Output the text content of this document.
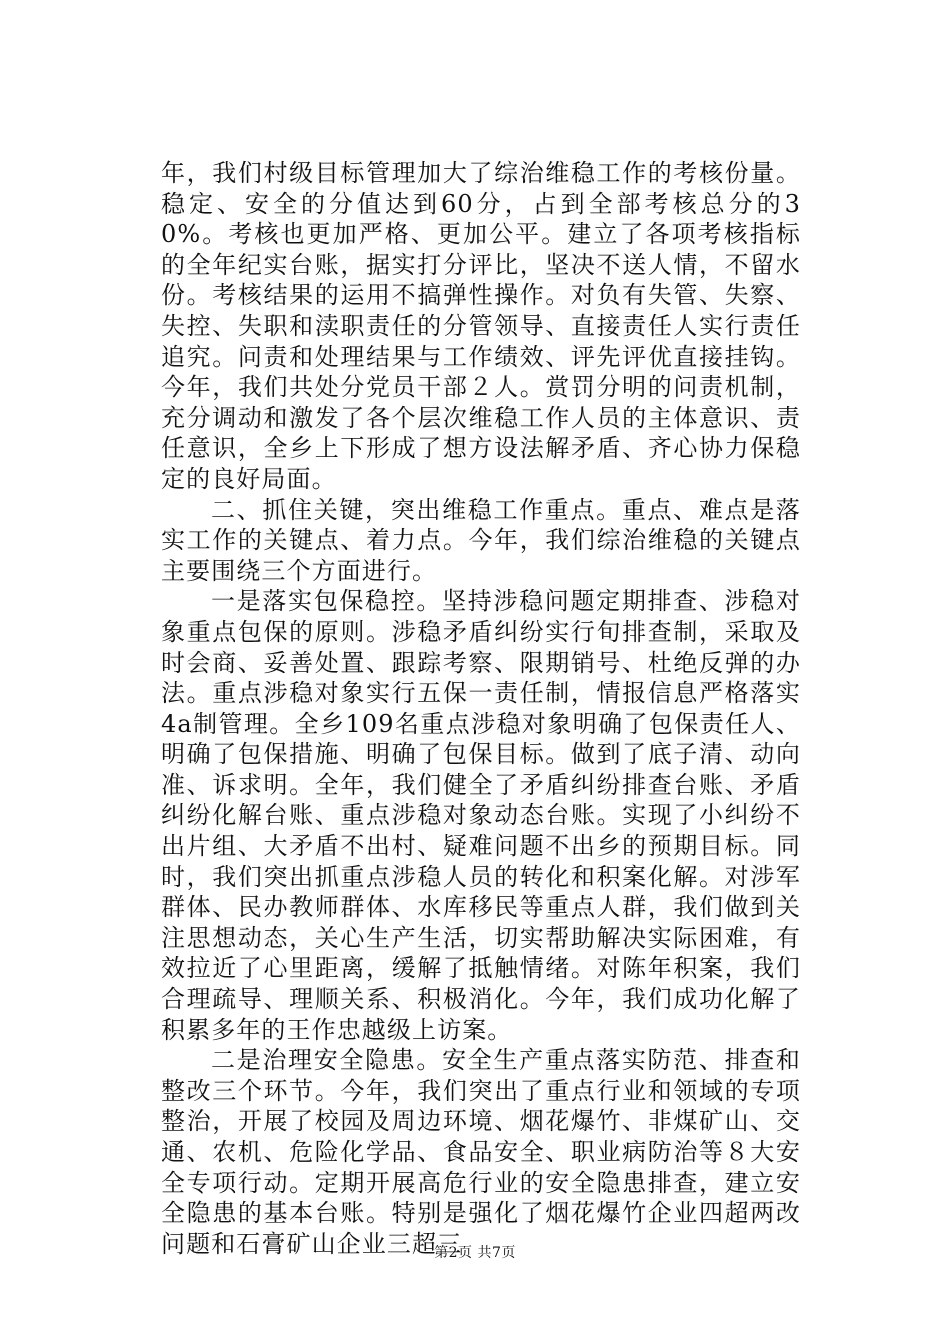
年，我们村级目标管理加大了综治维稳工作的考核份量。稳定、安全的分值达到60分，占到全部考核总分的30%。考核也更加严格、更加公平。建立了各项考核指标的全年纪实台账，据实打分评比，坚决不送人情，不留水份。考核结果的运用不搞弹性操作。对负有失管、失察、失控、失职和渎职责任的分管领导、直接责任人实行责任追究。问责和处理结果与工作绩效、评先评优直接挂钩。今年，我们共处分党员干部２人。赏罚分明的问责机制，充分调动和激发了各个层次维稳工作人员的主体意识、责任意识，全乡上下形成了想方设法解矛盾、齐心协力保稳定的良好局面。

二、抓住关键，突出维稳工作重点。重点、难点是落实工作的关键点、着力点。今年，我们综治维稳的关键点主要围绕三个方面进行。

一是落实包保稳控。坚持涉稳问题定期排查、涉稳对象重点包保的原则。涉稳矛盾纠纷实行旬排查制，采取及时会商、妥善处置、跟踪考察、限期销号、杜绝反弹的办法。重点涉稳对象实行五保一责任制，情报信息严格落实4a制管理。全乡109名重点涉稳对象明确了包保责任人、明确了包保措施、明确了包保目标。做到了底子清、动向准、诉求明。全年，我们健全了矛盾纠纷排查台账、矛盾纠纷化解台账、重点涉稳对象动态台账。实现了小纠纷不出片组、大矛盾不出村、疑难问题不出乡的预期目标。同时，我们突出抓重点涉稳人员的转化和积案化解。对涉军群体、民办教师群体、水库移民等重点人群，我们做到关注思想动态，关心生产生活，切实帮助解决实际困难，有效拉近了心里距离，缓解了抵触情绪。对陈年积案，我们合理疏导、理顺关系、积极消化。今年，我们成功化解了积累多年的王作忠越级上访案。

二是治理安全隐患。安全生产重点落实防范、排查和整改三个环节。今年，我们突出了重点行业和领域的专项整治，开展了校园及周边环境、烟花爆竹、非煤矿山、交通、农机、危险化学品、食品安全、职业病防治等８大安全专项行动。定期开展高危行业的安全隐患排查，建立安全隐患的基本台账。特别是强化了烟花爆竹企业四超两改问题和石膏矿山企业三超三

第2页 共7页
